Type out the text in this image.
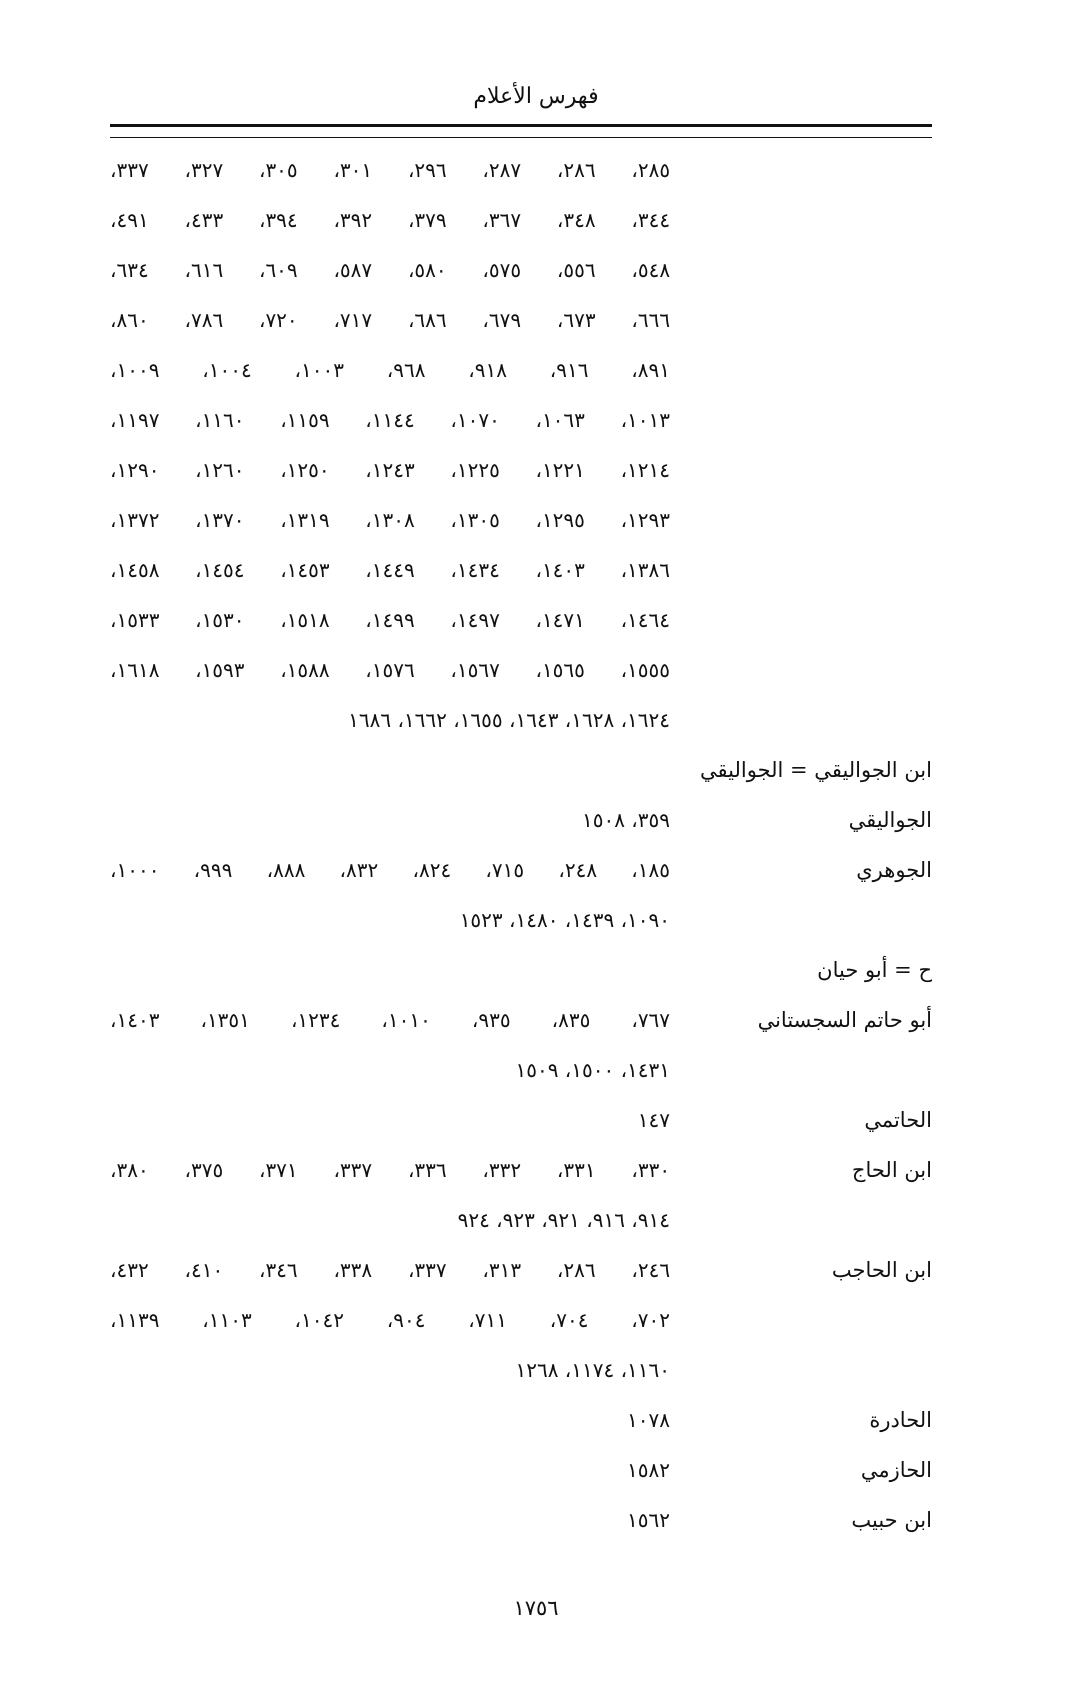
فهرس الأعلام
٢٨٥، ٢٨٦، ٢٨٧، ٢٩٦، ٣٠١، ٣٠٥، ٣٢٧، ٣٣٧،
٣٤٤، ٣٤٨، ٣٦٧، ٣٧٩، ٣٩٢، ٣٩٤، ٤٣٣، ٤٩١،
٥٤٨، ٥٥٦، ٥٧٥، ٥٨٠، ٥٨٧، ٦٠٩، ٦١٦، ٦٣٤،
٦٦٦، ٦٧٣، ٦٧٩، ٦٨٦، ٧١٧، ٧٢٠، ٧٨٦، ٨٦٠،
٨٩١، ٩١٦، ٩١٨، ٩٦٨، ١٠٠٣، ١٠٠٤، ١٠٠٩،
١٠١٣، ١٠٦٣، ١٠٧٠، ١١٤٤، ١١٥٩، ١١٦٠، ١١٩٧،
١٢١٤، ١٢٢١، ١٢٢٥، ١٢٤٣، ١٢٥٠، ١٢٦٠، ١٢٩٠،
١٢٩٣، ١٢٩٥، ١٣٠٥، ١٣٠٨، ١٣١٩، ١٣٧٠، ١٣٧٢،
١٣٨٦، ١٤٠٣، ١٤٣٤، ١٤٤٩، ١٤٥٣، ١٤٥٤، ١٤٥٨،
١٤٦٤، ١٤٧١، ١٤٩٧، ١٤٩٩، ١٥١٨، ١٥٣٠، ١٥٣٣،
١٥٥٥، ١٥٦٥، ١٥٦٧، ١٥٧٦، ١٥٨٨، ١٥٩٣، ١٦١٨،
١٦٢٤، ١٦٢٨، ١٦٤٣، ١٦٥٥، ١٦٦٢، ١٦٨٦
ابن الجواليقي = الجواليقي
الجواليقي
٣٥٩، ١٥٠٨
الجوهري
١٨٥، ٢٤٨، ٧١٥، ٨٢٤، ٨٣٢، ٨٨٨، ٩٩٩، ١٠٠٠،
١٠٩٠، ١٤٣٩، ١٤٨٠، ١٥٢٣
ح = أبو حيان
أبو حاتم السجستاني
٧٦٧، ٨٣٥، ٩٣٥، ١٠١٠، ١٢٣٤، ١٣٥١، ١٤٠٣،
١٤٣١، ١٥٠٠، ١٥٠٩
الحاتمي
١٤٧
ابن الحاج
٣٣٠، ٣٣١، ٣٣٢، ٣٣٦، ٣٣٧، ٣٧١، ٣٧٥، ٣٨٠،
٩١٤، ٩١٦، ٩٢١، ٩٢٣، ٩٢٤
ابن الحاجب
٢٤٦، ٢٨٦، ٣١٣، ٣٣٧، ٣٣٨، ٣٤٦، ٤١٠، ٤٣٢،
٧٠٢، ٧٠٤، ٧١١، ٩٠٤، ١٠٤٢، ١١٠٣، ١١٣٩،
١١٦٠، ١١٧٤، ١٢٦٨
الحادرة
١٠٧٨
الحازمي
١٥٨٢
ابن حبيب
١٥٦٢
١٧٥٦
